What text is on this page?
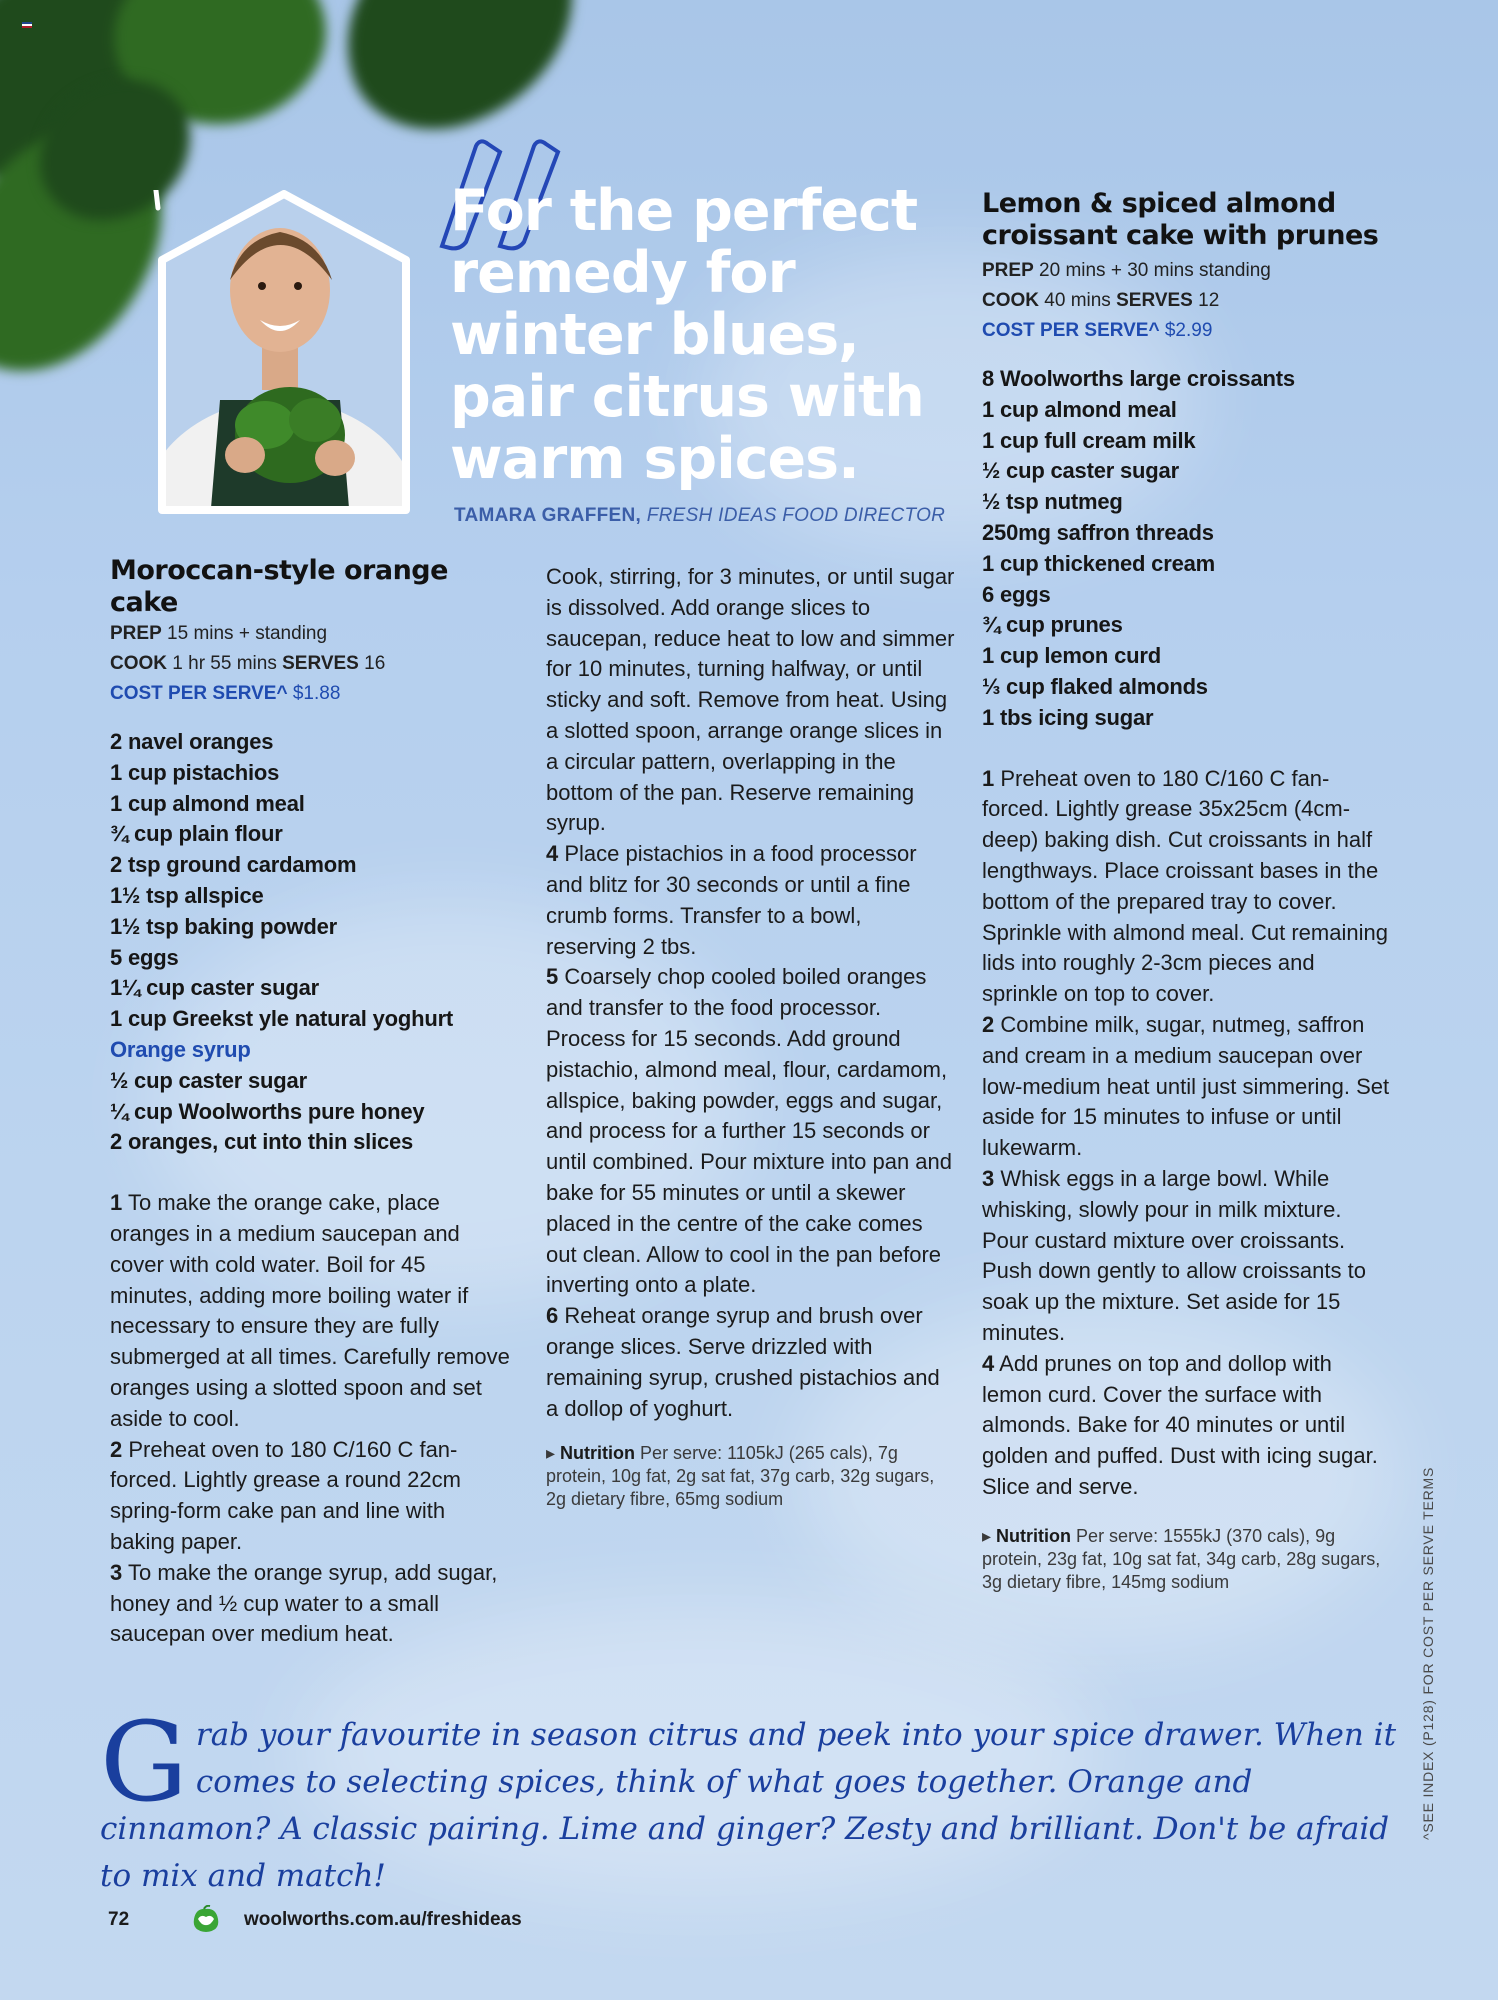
For the perfect remedy for winter blues, pair citrus with warm spices.
TAMARA GRAFFEN, FRESH IDEAS FOOD DIRECTOR
Moroccan-style orange cake
PREP 15 mins + standing
COOK 1 hr 55 mins SERVES 16
COST PER SERVE^ $1.88
2 navel oranges
1 cup pistachios
1 cup almond meal
¾ cup plain flour
2 tsp ground cardamom
1½ tsp allspice
1½ tsp baking powder
5 eggs
1¼ cup caster sugar
1 cup Greekst yle natural yoghurt
Orange syrup
½ cup caster sugar
¼ cup Woolworths pure honey
2 oranges, cut into thin slices

1 To make the orange cake, place oranges in a medium saucepan and cover with cold water. Boil for 45 minutes, adding more boiling water if necessary to ensure they are fully submerged at all times. Carefully remove oranges using a slotted spoon and set aside to cool.

2 Preheat oven to 180 C/160 C fan-forced. Lightly grease a round 22cm spring-form cake pan and line with baking paper.

3 To make the orange syrup, add sugar, honey and ½ cup water to a small saucepan over medium heat.

Cook, stirring, for 3 minutes, or until sugar is dissolved. Add orange slices to saucepan, reduce heat to low and simmer for 10 minutes, turning halfway, or until sticky and soft. Remove from heat. Using a slotted spoon, arrange orange slices in a circular pattern, overlapping in the bottom of the pan. Reserve remaining syrup.

4 Place pistachios in a food processor and blitz for 30 seconds or until a fine crumb forms. Transfer to a bowl, reserving 2 tbs.

5 Coarsely chop cooled boiled oranges and transfer to the food processor. Process for 15 seconds. Add ground pistachio, almond meal, flour, cardamom, allspice, baking powder, eggs and sugar, and process for a further 15 seconds or until combined. Pour mixture into pan and bake for 55 minutes or until a skewer placed in the centre of the cake comes out clean. Allow to cool in the pan before inverting onto a plate.

6 Reheat orange syrup and brush over orange slices. Serve drizzled with remaining syrup, crushed pistachios and a dollop of yoghurt.

▸ Nutrition Per serve: 1105kJ (265 cals), 7g protein, 10g fat, 2g sat fat, 37g carb, 32g sugars, 2g dietary fibre, 65mg sodium
Lemon & spiced almond croissant cake with prunes
PREP 20 mins + 30 mins standing
COOK 40 mins SERVES 12
COST PER SERVE^ $2.99
8 Woolworths large croissants
1 cup almond meal
1 cup full cream milk
½ cup caster sugar
½ tsp nutmeg
250mg saffron threads
1 cup thickened cream
6 eggs
¾ cup prunes
1 cup lemon curd
⅓ cup flaked almonds
1 tbs icing sugar

1 Preheat oven to 180 C/160 C fan-forced. Lightly grease 35x25cm (4cm-deep) baking dish. Cut croissants in half lengthways. Place croissant bases in the bottom of the prepared tray to cover. Sprinkle with almond meal. Cut remaining lids into roughly 2-3cm pieces and sprinkle on top to cover.

2 Combine milk, sugar, nutmeg, saffron and cream in a medium saucepan over low-medium heat until just simmering. Set aside for 15 minutes to infuse or until lukewarm.

3 Whisk eggs in a large bowl. While whisking, slowly pour in milk mixture. Pour custard mixture over croissants. Push down gently to allow croissants to soak up the mixture. Set aside for 15 minutes.

4 Add prunes on top and dollop with lemon curd. Cover the surface with almonds. Bake for 40 minutes or until golden and puffed. Dust with icing sugar. Slice and serve.

▸ Nutrition Per serve: 1555kJ (370 cals), 9g protein, 23g fat, 10g sat fat, 34g carb, 28g sugars, 3g dietary fibre, 145mg sodium	^SEE INDEX (P128) FOR COST PER SERVE TERMS
Grab your favourite in season citrus and peek into your spice drawer. When it comes to selecting spices, think of what goes together. Orange and cinnamon? A classic pairing. Lime and ginger? Zesty and brilliant. Don't be afraid to mix and match!
72	woolworths.com.au/freshideas
